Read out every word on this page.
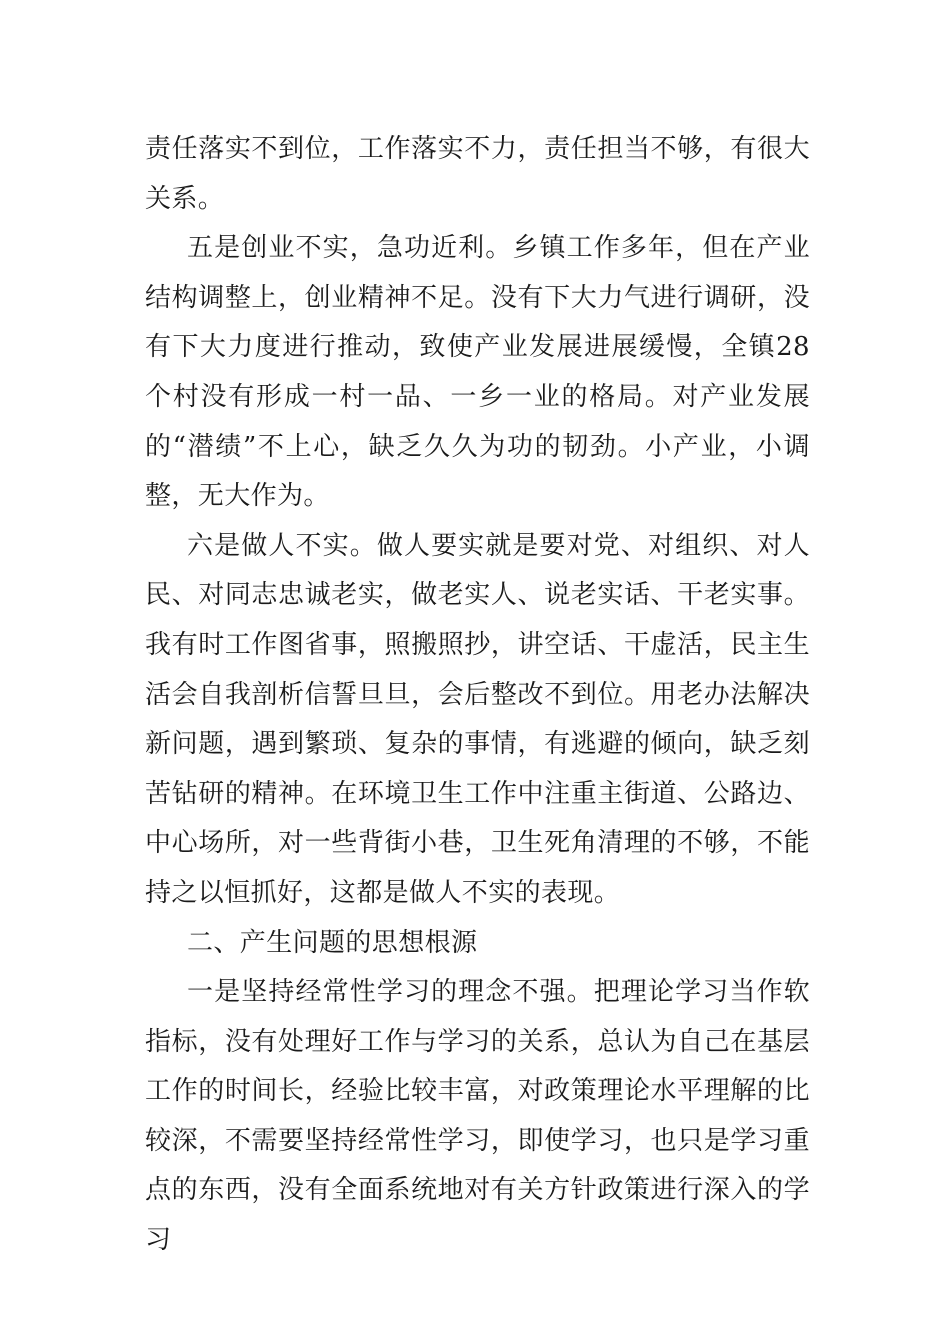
责任落实不到位，工作落实不力，责任担当不够，有很大关系。

五是创业不实，急功近利。乡镇工作多年，但在产业结构调整上，创业精神不足。没有下大力气进行调研，没有下大力度进行推动，致使产业发展进展缓慢，全镇28个村没有形成一村一品、一乡一业的格局。对产业发展的“潜绩”不上心，缺乏久久为功的韧劲。小产业，小调整，无大作为。

六是做人不实。做人要实就是要对党、对组织、对人民、对同志忠诚老实，做老实人、说老实话、干老实事。我有时工作图省事，照搬照抄，讲空话、干虚活，民主生活会自我剖析信誓旦旦，会后整改不到位。用老办法解决新问题，遇到繁琐、复杂的事情，有逃避的倾向，缺乏刻苦钻研的精神。在环境卫生工作中注重主街道、公路边、中心场所，对一些背街小巷，卫生死角清理的不够，不能持之以恒抓好，这都是做人不实的表现。

二、产生问题的思想根源

一是坚持经常性学习的理念不强。把理论学习当作软指标，没有处理好工作与学习的关系，总认为自己在基层工作的时间长，经验比较丰富，对政策理论水平理解的比较深，不需要坚持经常性学习，即使学习，也只是学习重点的东西，没有全面系统地对有关方针政策进行深入的学习
